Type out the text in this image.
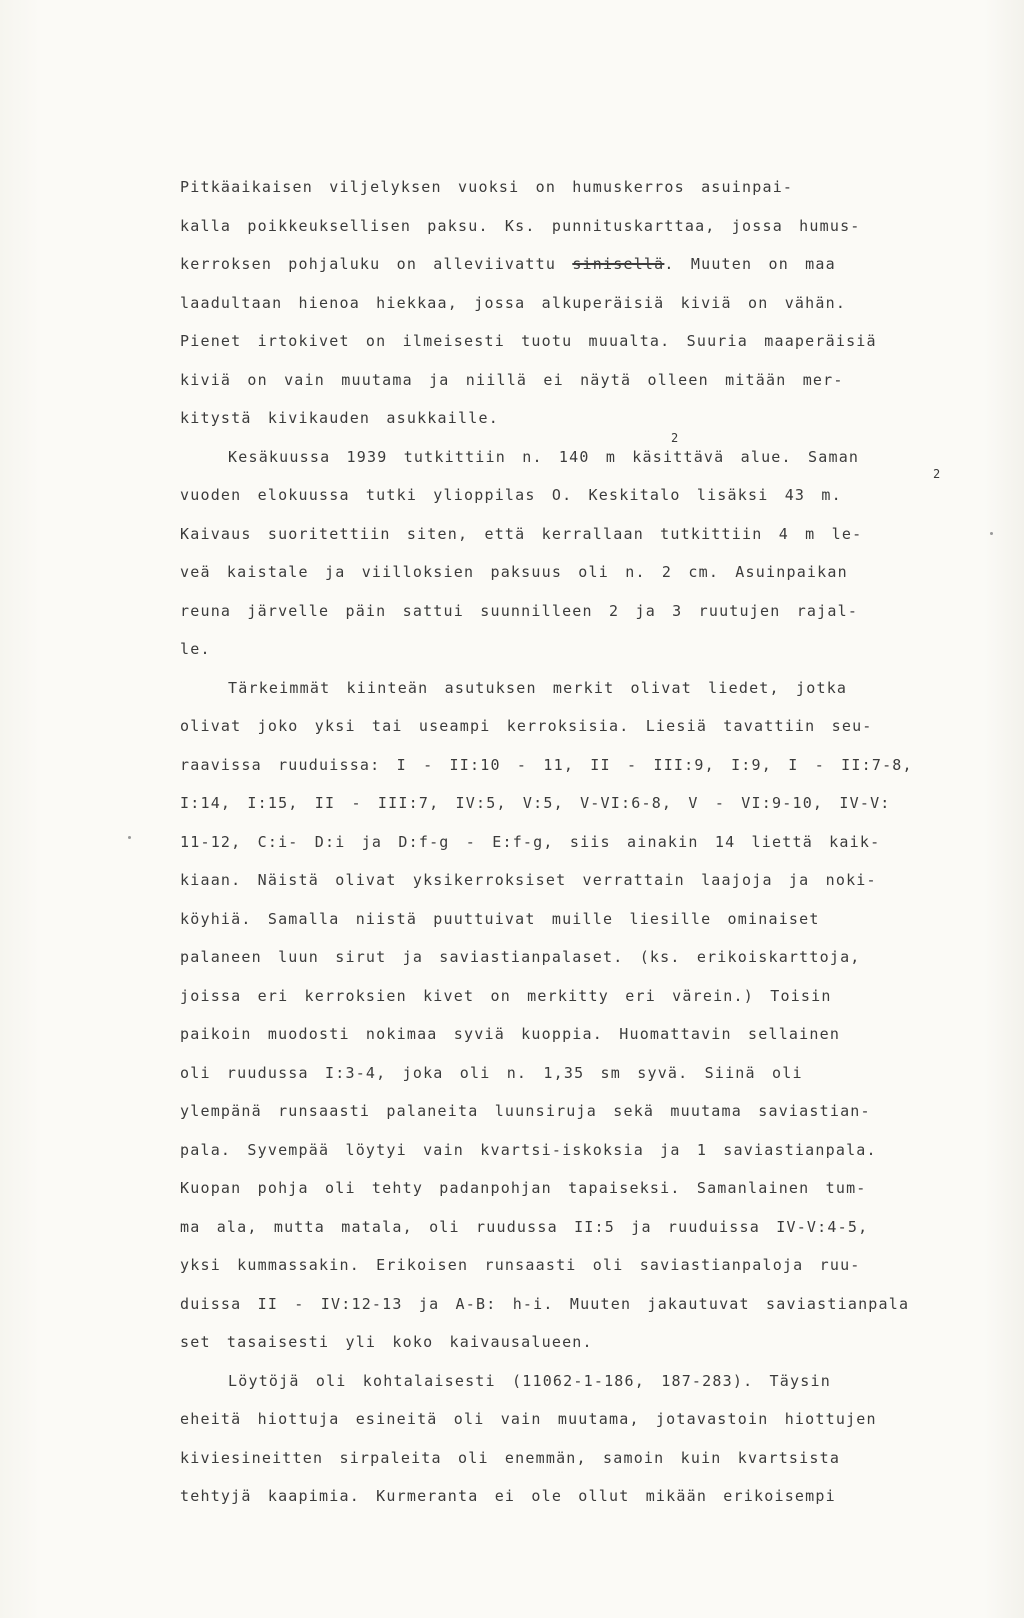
Pitkäaikaisen viljelyksen vuoksi on humuskerros asuinpai-
kalla poikkeuksellisen paksu. Ks. punnituskarttaa, jossa humus-
kerroksen pohjaluku on alleviivattu sinisellä. Muuten on maa
laadultaan hienoa hiekkaa, jossa alkuperäisiä kiviä on vähän.
Pienet irtokivet on ilmeisesti tuotu muualta. Suuria maaperäisiä
kiviä on vain muutama ja niillä ei näytä olleen mitään mer-
kitystä kivikauden asukkaille.
2
Kesäkuussa 1939 tutkittiin n. 140 m käsittävä alue. Saman
2
vuoden elokuussa tutki ylioppilas O. Keskitalo lisäksi 43 m.
Kaivaus suoritettiin siten, että kerrallaan tutkittiin 4 m le-
veä kaistale ja viilloksien paksuus oli n. 2 cm. Asuinpaikan
reuna järvelle päin sattui suunnilleen 2 ja 3 ruutujen rajal-
le.
Tärkeimmät kiinteän asutuksen merkit olivat liedet, jotka
olivat joko yksi tai useampi kerroksisia. Liesiä tavattiin seu-
raavissa ruuduissa: I - II:10 - 11, II - III:9, I:9, I - II:7-8,
I:14, I:15, II - III:7, IV:5, V:5, V-VI:6-8, V - VI:9-10, IV-V:
11-12, C:i- D:i ja D:f-g - E:f-g, siis ainakin 14 liettä kaik-
kiaan. Näistä olivat yksikerroksiset verrattain laajoja ja noki-
köyhiä. Samalla niistä puuttuivat muille liesille ominaiset
palaneen luun sirut ja saviastianpalaset. (ks. erikoiskarttoja,
joissa eri kerroksien kivet on merkitty eri värein.) Toisin
paikoin muodosti nokimaa syviä kuoppia. Huomattavin sellainen
oli ruudussa I:3-4, joka oli n. 1,35 sm syvä. Siinä oli
ylempänä runsaasti palaneita luunsiruja sekä muutama saviastian-
pala. Syvempää löytyi vain kvartsi-iskoksia ja 1 saviastianpala.
Kuopan pohja oli tehty padanpohjan tapaiseksi. Samanlainen tum-
ma ala, mutta matala, oli ruudussa II:5 ja ruuduissa IV-V:4-5,
yksi kummassakin. Erikoisen runsaasti oli saviastianpaloja ruu-
duissa II - IV:12-13 ja A-B: h-i. Muuten jakautuvat saviastianpala
set tasaisesti yli koko kaivausalueen.
Löytöjä oli kohtalaisesti (11062-1-186, 187-283). Täysin
eheitä hiottuja esineitä oli vain muutama, jotavastoin hiottujen
kiviesineitten sirpaleita oli enemmän, samoin kuin kvartsista
tehtyjä kaapimia. Kurmeranta ei ole ollut mikään erikoisempi
